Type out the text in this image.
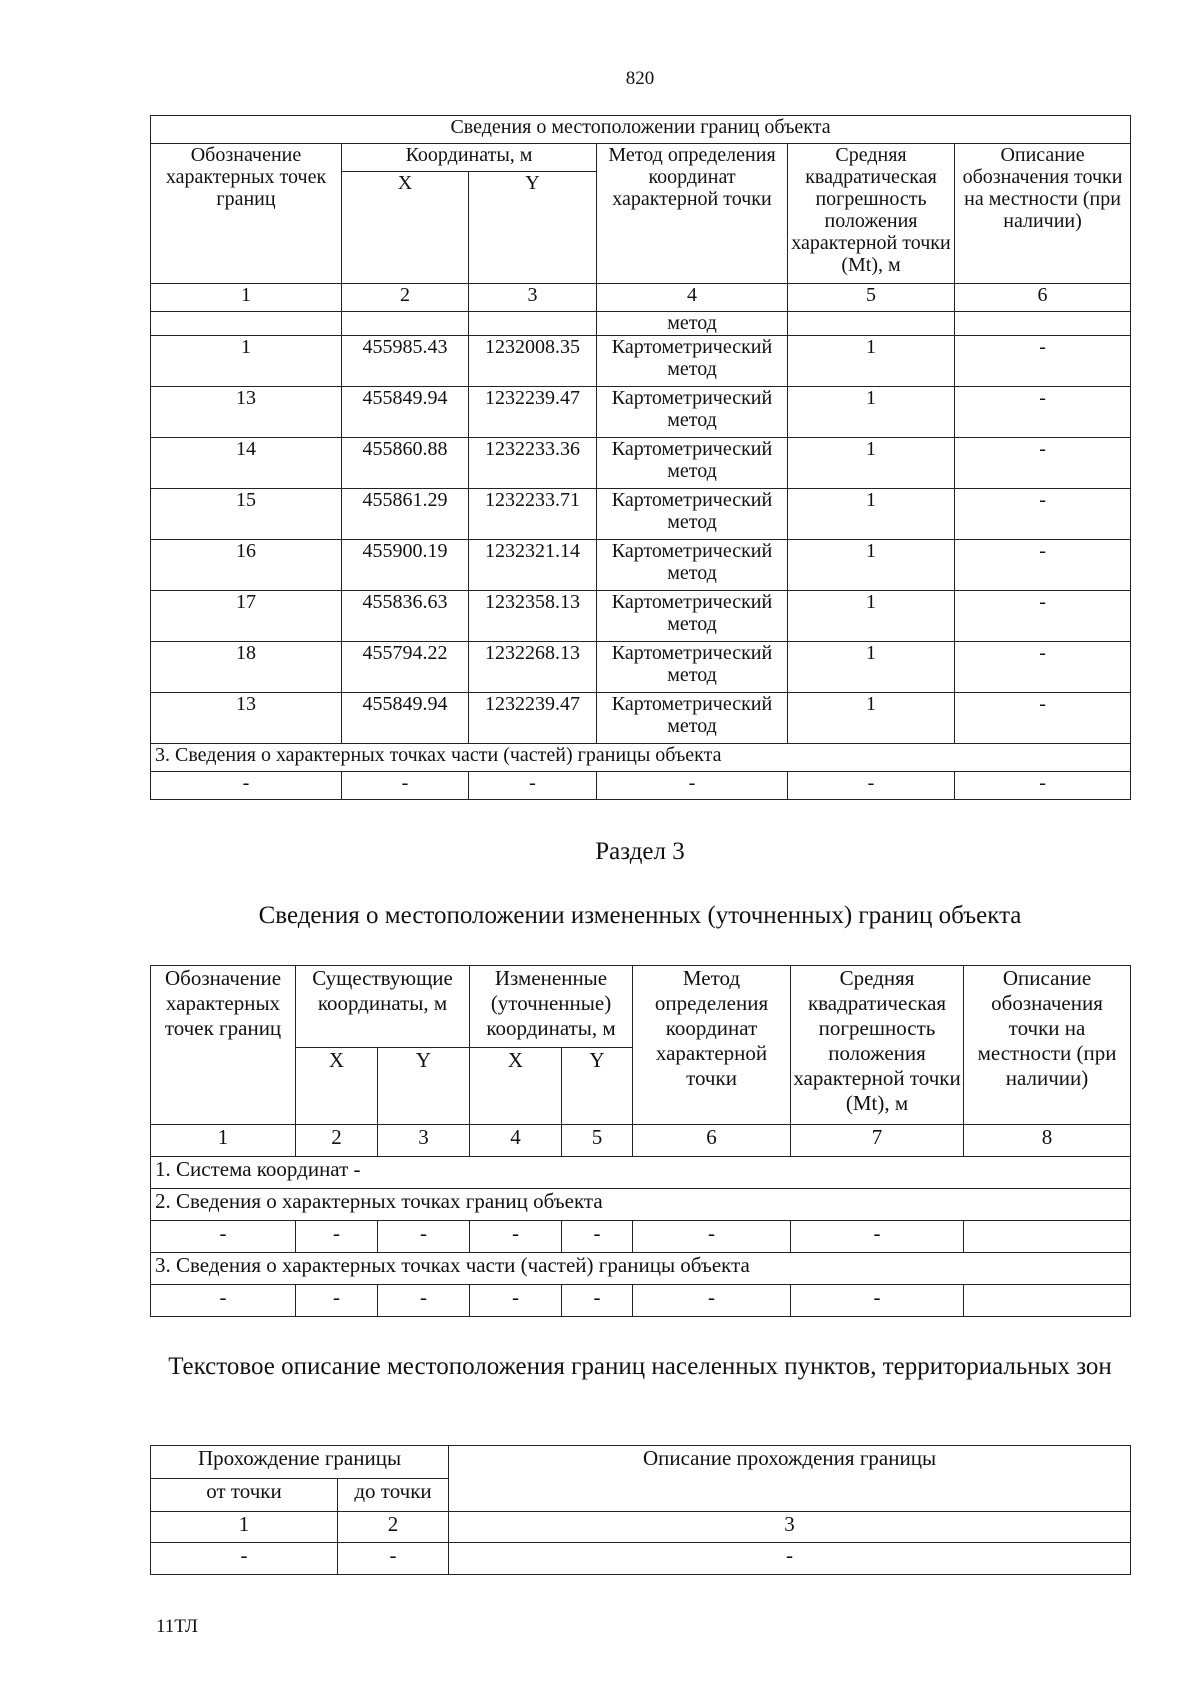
820
Сведения о местоположении границ объекта					
Обозначение характерных точек границ	Координаты, м		Метод определения координат характерной точки	Средняя квадратическая погрешность положения характерной точки (Mt), м	Описание обозначения точки на местности (при наличии)
	X	Y			
1	2	3	4	5	6
			метод		
1	455985.43	1232008.35	Картометрический метод	1	-
13	455849.94	1232239.47	Картометрический метод	1	-
14	455860.88	1232233.36	Картометрический метод	1	-
15	455861.29	1232233.71	Картометрический метод	1	-
16	455900.19	1232321.14	Картометрический метод	1	-
17	455836.63	1232358.13	Картометрический метод	1	-
18	455794.22	1232268.13	Картометрический метод	1	-
13	455849.94	1232239.47	Картометрический метод	1	-
3. Сведения о характерных точках части (частей) границы объекта					
-	-	-	-	-	-
Раздел 3
Сведения о местоположении измененных (уточненных) границ объекта
Обозначение характерных точек границ	Существующие координаты, м		Измененные (уточненные) координаты, м		Метод определения координат характерной точки	Средняя квадратическая погрешность положения характерной точки (Mt), м	Описание обозначения точки на местности (при наличии)
	X	Y	X	Y			
1	2	3	4	5	6	7	8
1. Система координат -							
2. Сведения о характерных точках границ объекта							
-	-	-	-	-	-	-	
3. Сведения о характерных точках части (частей) границы объекта							
-	-	-	-	-	-	-	
Текстовое описание местоположения границ населенных пунктов, территориальных зон
Прохождение границы		Описание прохождения границы
от точки	до точки	
1	2	3
-	-	-
11ТЛ
